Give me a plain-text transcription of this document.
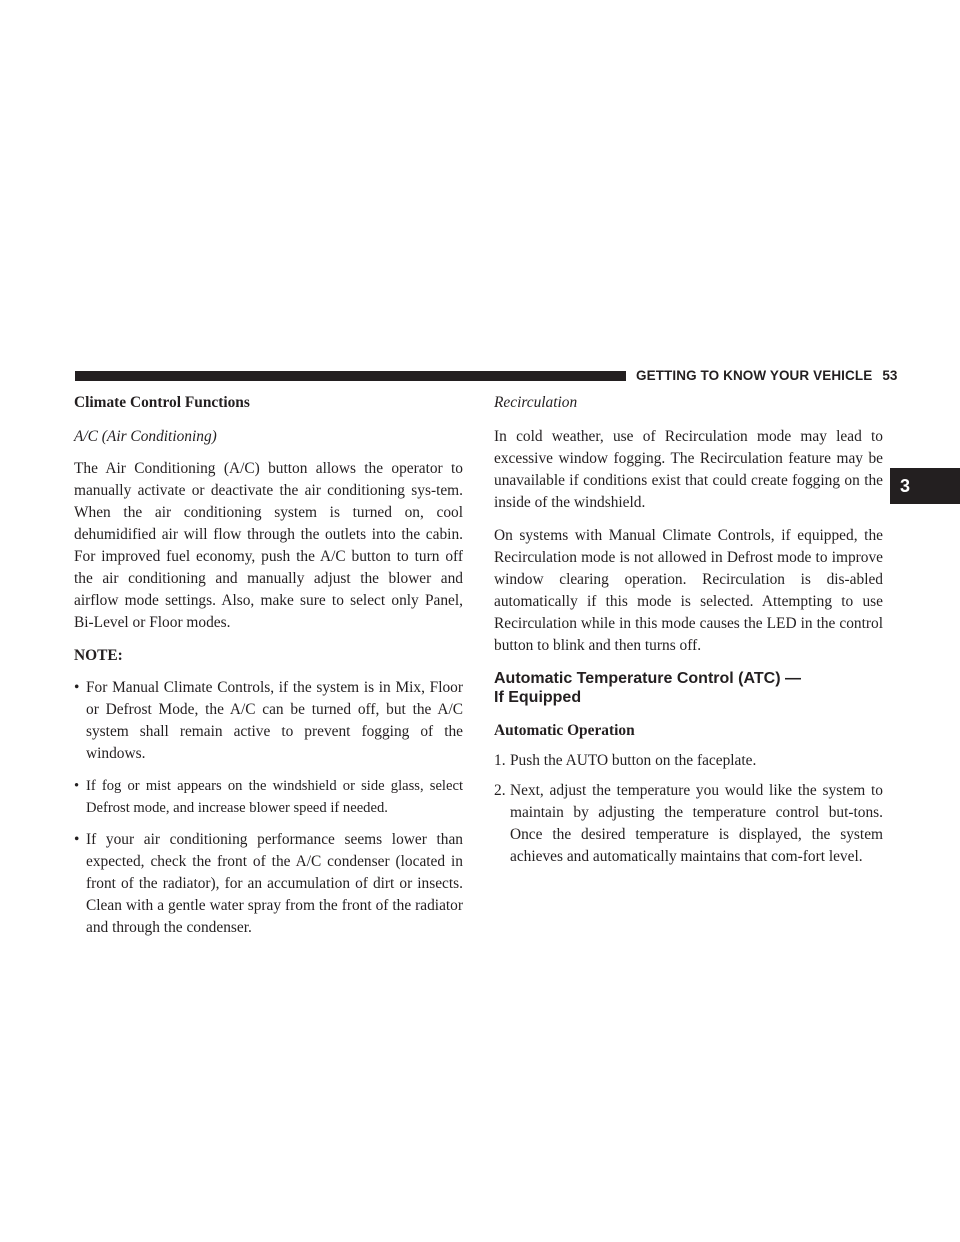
GETTING TO KNOW YOUR VEHICLE 53
3

Climate Control Functions

A/C (Air Conditioning)

The Air Conditioning (A/C) button allows the operator to manually activate or deactivate the air conditioning sys-tem. When the air conditioning system is turned on, cool dehumidified air will flow through the outlets into the cabin. For improved fuel economy, push the A/C button to turn off the air conditioning and manually adjust the blower and airflow mode settings. Also, make sure to select only Panel, Bi-Level or Floor modes.

NOTE:

• For Manual Climate Controls, if the system is in Mix, Floor or Defrost Mode, the A/C can be turned off, but the A/C system shall remain active to prevent fogging of the windows.
• If fog or mist appears on the windshield or side glass, select Defrost mode, and increase blower speed if needed.
• If your air conditioning performance seems lower than expected, check the front of the A/C condenser (located in front of the radiator), for an accumulation of dirt or insects. Clean with a gentle water spray from the front of the radiator and through the condenser.

Recirculation

In cold weather, use of Recirculation mode may lead to excessive window fogging. The Recirculation feature may be unavailable if conditions exist that could create fogging on the inside of the windshield.

On systems with Manual Climate Controls, if equipped, the Recirculation mode is not allowed in Defrost mode to improve window clearing operation. Recirculation is dis-abled automatically if this mode is selected. Attempting to use Recirculation while in this mode causes the LED in the control button to blink and then turns off.

Automatic Temperature Control (ATC) —
If Equipped

Automatic Operation

1. Push the AUTO button on the faceplate.
2. Next, adjust the temperature you would like the system to maintain by adjusting the temperature control but-tons. Once the desired temperature is displayed, the system achieves and automatically maintains that com-fort level.
